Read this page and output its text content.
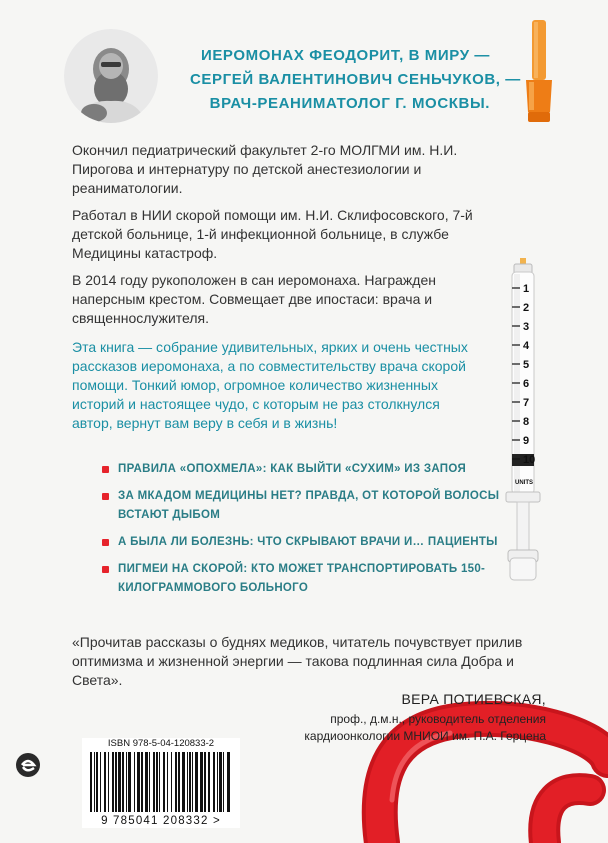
1
2
3
4
5
6
7
8
9
10
UNITS
ИЕРОМОНАХ ФЕОДОРИТ, В МИРУ —
СЕРГЕЙ ВАЛЕНТИНОВИЧ СЕНЬЧУКОВ, —
ВРАЧ-РЕАНИМАТОЛОГ Г. МОСКВЫ.

Окончил педиатрический факультет 2-го МОЛГМИ им. Н.И. Пирогова и интернатуру по детской анестезиологии и реаниматологии.

Работал в НИИ скорой помощи им. Н.И. Склифосовского, 7-й детской больнице, 1-й инфекционной больнице, в службе Медицины катастроф.

В 2014 году рукоположен в сан иеромонаха. Награжден наперсным крестом. Совмещает две ипостаси: врача и священнослужителя.

Эта книга — собрание удивительных, ярких и очень честных рассказов иеромонаха, а по совместительству врача скорой помощи. Тонкий юмор, огромное количество жизненных историй и настоящее чудо, с которым не раз столкнулся автор, вернут вам веру в себя и в жизнь!
ПРАВИЛА «ОПОХМЕЛА»: КАК ВЫЙТИ «СУХИМ» ИЗ ЗАПОЯ
ЗА МКАДОМ МЕДИЦИНЫ НЕТ? ПРАВДА, ОТ КОТОРОЙ ВОЛОСЫ ВСТАЮТ ДЫБОМ
А БЫЛА ЛИ БОЛЕЗНЬ: ЧТО СКРЫВАЮТ ВРАЧИ И… ПАЦИЕНТЫ
ПИГМЕИ НА СКОРОЙ: КТО МОЖЕТ ТРАНСПОРТИРОВАТЬ 150-КИЛОГРАММОВОГО БОЛЬНОГО
«Прочитав рассказы о буднях медиков, читатель почувствует прилив оптимизма и жизненной энергии — такова подлинная сила Добра и Света».
ВЕРА ПОТИЕВСКАЯ,
проф., д.м.н., руководитель отделения
кардиоонкологии МНИОИ им. П.А. Герцена
ISBN 978-5-04-120833-2
9 785041 208332 >
